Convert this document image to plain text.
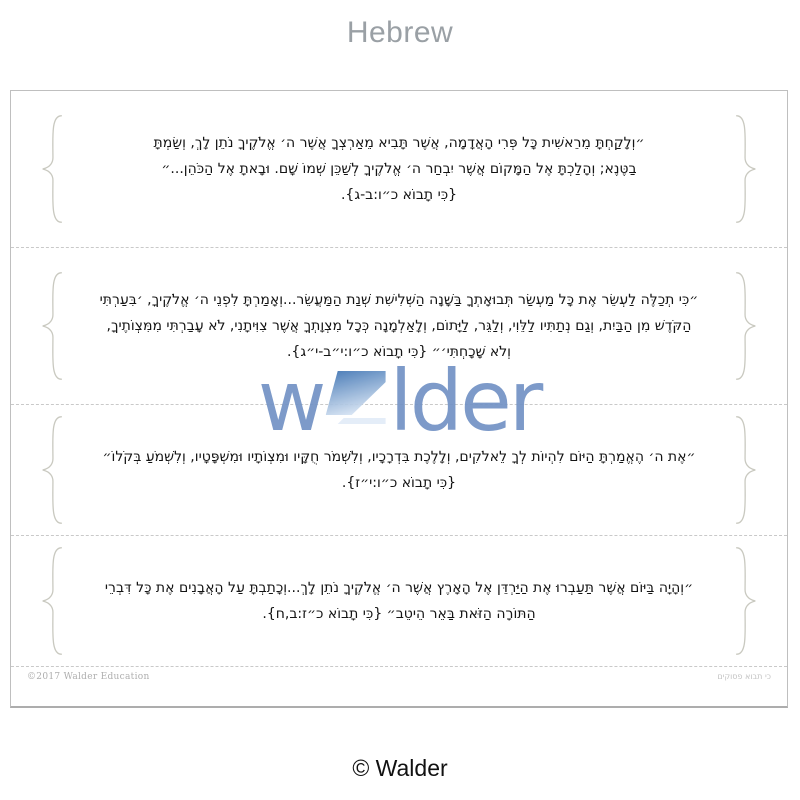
Hebrew
w lder
״וְלָקַחְתָּ מֵרֵאשִׁית כָּל פְּרִי הָאֲדָמָה, אֲשֶׁר תָּבִיא מֵאַרְצְךָ אֲשֶׁר ה׳ אֱלֹקֶיךָ נֹתֵן לָךְ, וְשַׂמְתָּ
בַטֶּנֶא; וְהָלַכְתָּ אֶל הַמָּקוֹם אֲשֶׁר יִבְחַר ה׳ אֱלֹקֶיךָ לְשַׁכֵּן שְׁמוֹ שָׁם. וּבָאתָ אֶל הַכֹּהֵן...״
{כִּי תָבוֹא כ״ו:ב-ג}.
״כִּי תְכַלֶּה לַעְשֵׂר אֶת כָּל מַעְשַׂר תְּבוּאָתְךָ בַּשָּׁנָה הַשְּׁלִישִׁת שְׁנַת הַמַּעֲשֵׂר...וְאָמַרְתָּ לִפְנֵי ה׳ אֱלֹקֶיךָ, ׳בִּעַרְתִּי
הַקֹּדֶשׁ מִן הַבַּיִת, וְגַם נְתַתִּיו לַלֵּוִי, וְלַגֵּר, לַיָּתוֹם, וְלָאַלְמָנָה כְּכָל מִצְוָתְךָ אֲשֶׁר צִוִּיתָנִי, לֹא עָבַרְתִּי מִמִּצְוֹתֶיךָ,
וְלֹא שָׁכָחְתִּי׳״ {כִּי תָבוֹא כ״ו:י״ב-י״ג}.
״אֶת ה׳ הֶאֱמַרְתָּ הַיּוֹם לִהְיוֹת לְךָ לֵאלֹקִים, וְלָלֶכֶת בִּדְרָכָיו, וְלִשְׁמֹר חֻקָּיו וּמִצְוֹתָיו וּמִשְׁפָּטָיו, וְלִשְׁמֹעַ בְּקֹלוֹ״
{כִּי תָבוֹא כ״ו:י״ז}.
״וְהָיָה בַּיּוֹם אֲשֶׁר תַּעַבְרוּ אֶת הַיַּרְדֵּן אֶל הָאָרֶץ אֲשֶׁר ה׳ אֱלֹקֶיךָ נֹתֵן לָךְ...וְכָתַבְתָּ עַל הָאֲבָנִים אֶת כָּל דִּבְרֵי
הַתּוֹרָה הַזֹּאת בַּאֵר הֵיטֵב״ {כִּי תָבוֹא כ״ז:ב,ח}.
©2017 Walder Education	כי תבוא פסוקים
© Walder
